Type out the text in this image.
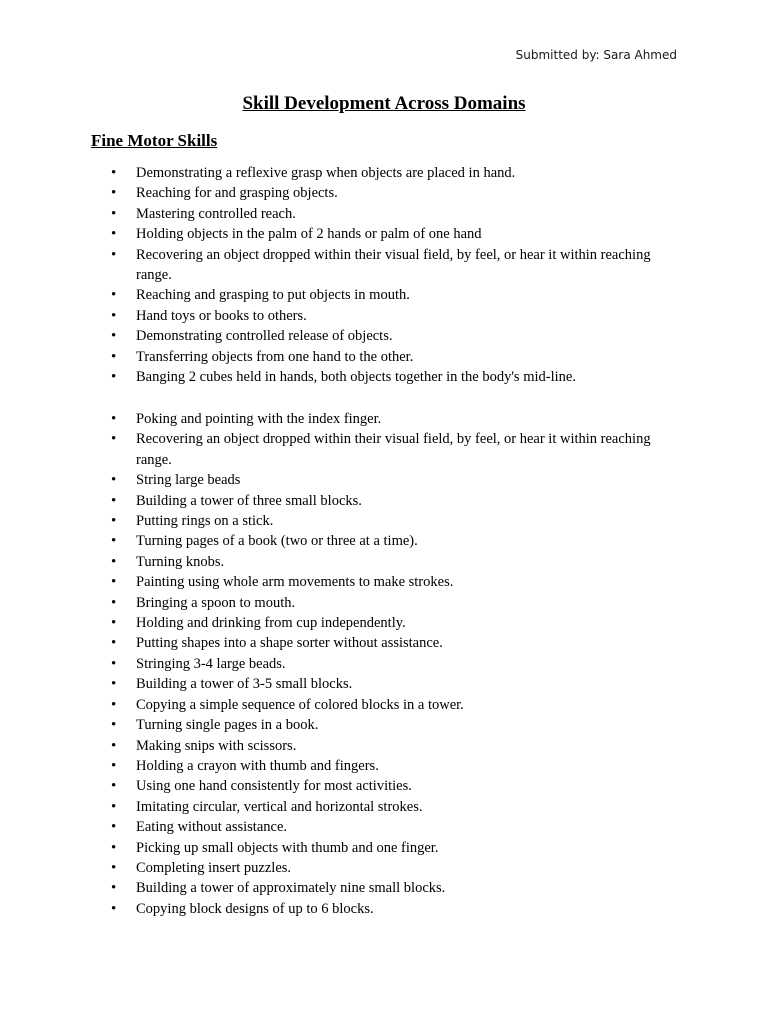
Submitted by: Sara Ahmed
Skill Development Across Domains
Fine Motor Skills
• Demonstrating a reflexive grasp when objects are placed in hand.
• Reaching for and grasping objects.
• Mastering controlled reach.
• Holding objects in the palm of 2 hands or palm of one hand
• Recovering an object dropped within their visual field, by feel, or hear it within reaching range.
• Reaching and grasping to put objects in mouth.
• Hand toys or books to others.
• Demonstrating controlled release of objects.
• Transferring objects from one hand to the other.
• Banging 2 cubes held in hands, both objects together in the body's mid-line.
• Poking and pointing with the index finger.
• Recovering an object dropped within their visual field, by feel, or hear it within reaching range.
• String large beads
• Building a tower of three small blocks.
• Putting rings on a stick.
• Turning pages of a book (two or three at a time).
• Turning knobs.
• Painting using whole arm movements to make strokes.
• Bringing a spoon to mouth.
• Holding and drinking from cup independently.
• Putting shapes into a shape sorter without assistance.
• Stringing 3-4 large beads.
• Building a tower of 3-5 small blocks.
• Copying a simple sequence of colored blocks in a tower.
• Turning single pages in a book.
• Making snips with scissors.
• Holding a crayon with thumb and fingers.
• Using one hand consistently for most activities.
• Imitating circular, vertical and horizontal strokes.
• Eating without assistance.
• Picking up small objects with thumb and one finger.
• Completing insert puzzles.
• Building a tower of approximately nine small blocks.
• Copying block designs of up to 6 blocks.
